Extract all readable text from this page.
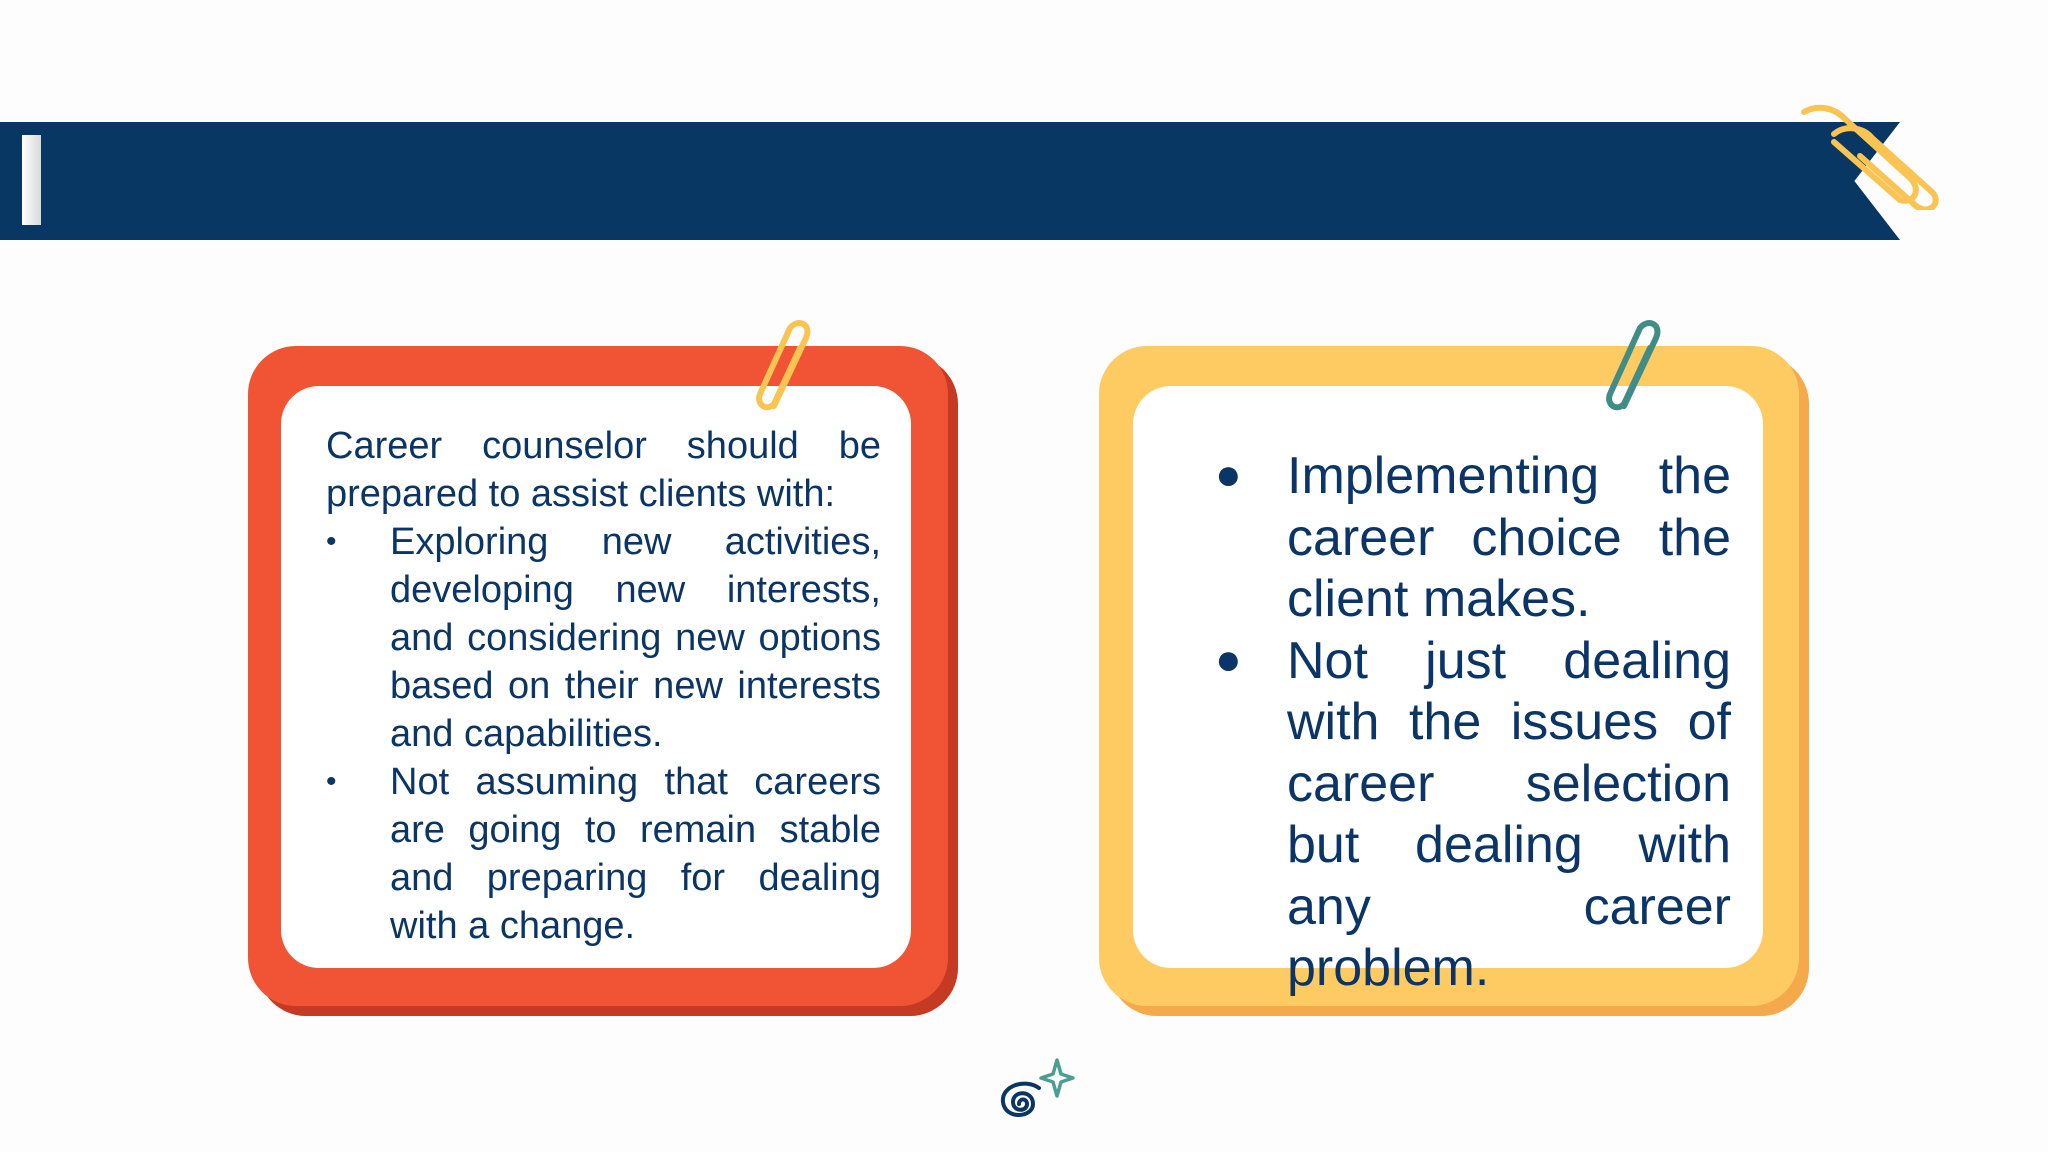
Career counselor should be
prepared to assist clients with:

• Exploring new activities, developing new interests, and considering new options based on their new interests and capabilities.
• Not assuming that careers are going to remain stable and preparing for dealing with a change.
● Implementing the career choice the client makes.
● Not just dealing with the issues of career selection but dealing with any career problem.
